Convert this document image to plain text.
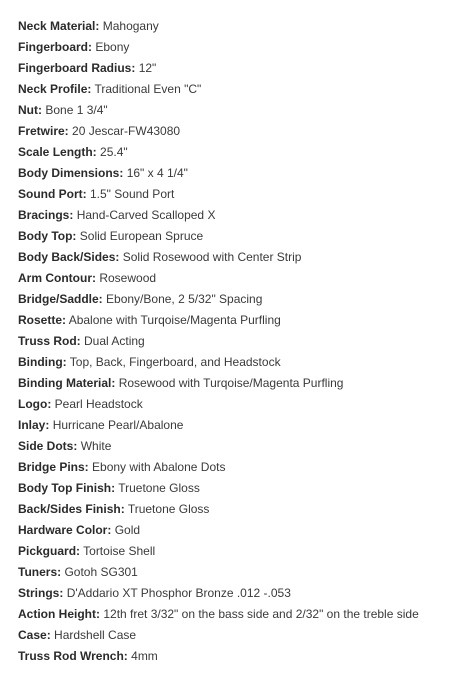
Neck Material: Mahogany
Fingerboard: Ebony
Fingerboard Radius: 12"
Neck Profile: Traditional Even "C"
Nut: Bone 1 3/4"
Fretwire: 20 Jescar-FW43080
Scale Length: 25.4"
Body Dimensions: 16" x 4 1/4"
Sound Port: 1.5" Sound Port
Bracings: Hand-Carved Scalloped X
Body Top: Solid European Spruce
Body Back/Sides: Solid Rosewood with Center Strip
Arm Contour: Rosewood
Bridge/Saddle: Ebony/Bone, 2 5/32" Spacing
Rosette: Abalone with Turqoise/Magenta Purfling
Truss Rod: Dual Acting
Binding: Top, Back, Fingerboard, and Headstock
Binding Material: Rosewood with Turqoise/Magenta Purfling
Logo: Pearl Headstock
Inlay: Hurricane Pearl/Abalone
Side Dots: White
Bridge Pins: Ebony with Abalone Dots
Body Top Finish: Truetone Gloss
Back/Sides Finish: Truetone Gloss
Hardware Color: Gold
Pickguard: Tortoise Shell
Tuners: Gotoh SG301
Strings: D'Addario XT Phosphor Bronze .012 -.053
Action Height: 12th fret 3/32" on the bass side and 2/32" on the treble side
Case: Hardshell Case
Truss Rod Wrench: 4mm
